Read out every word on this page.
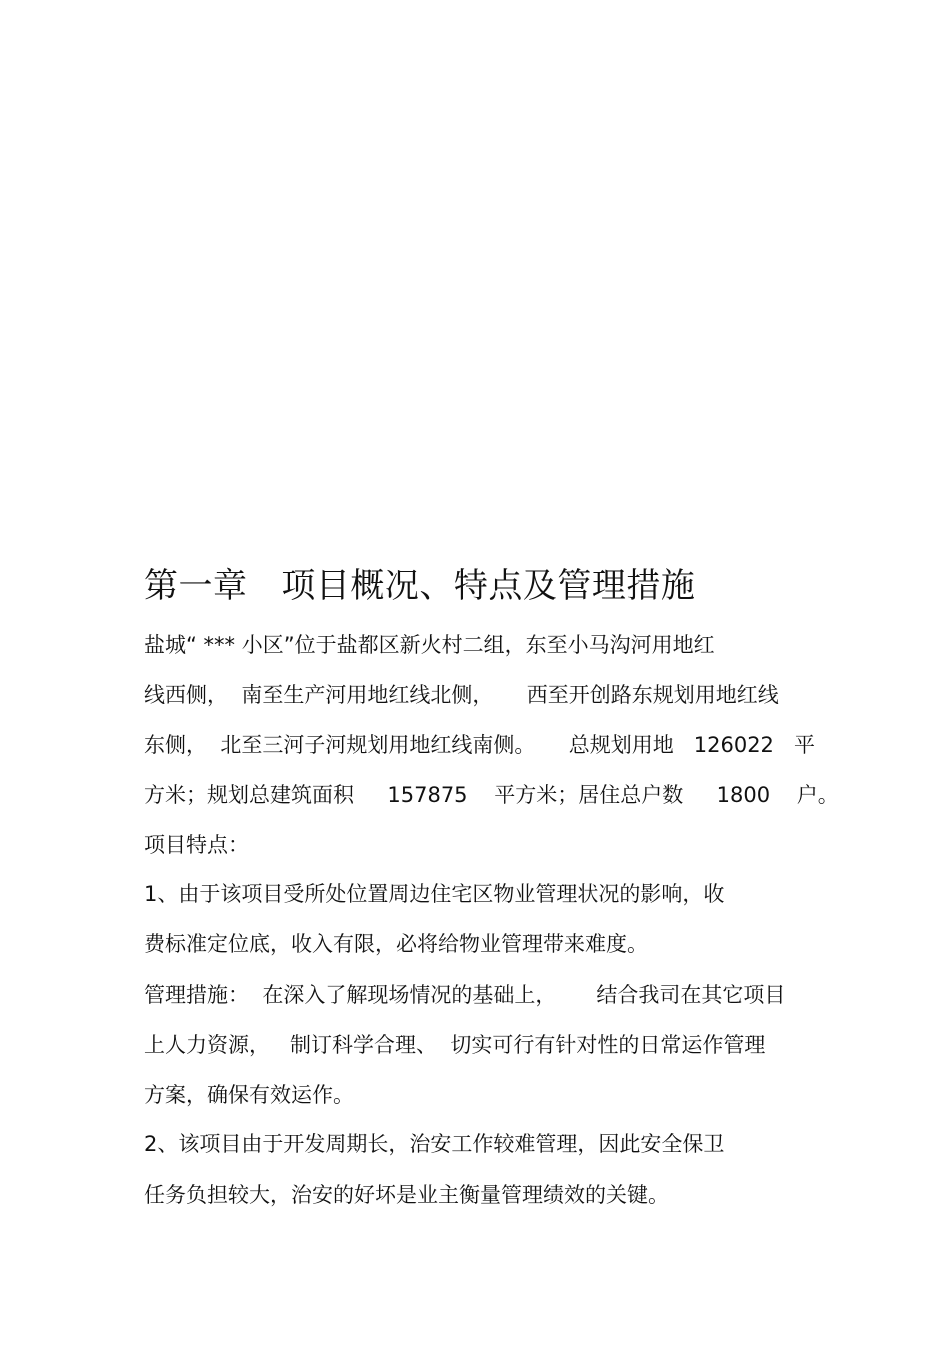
第一章   项目概况、特点及管理措施
盐城“ *** 小区”位于盐都区新火村二组，东至小马沟河用地红
线西侧，  南至生产河用地红线北侧，     西至开创路东规划用地红线
东侧，  北至三河子河规划用地红线南侧。     总规划用地   126022   平
方米；规划总建筑面积     157875    平方米；居住总户数     1800    户。
项目特点：
1、由于该项目受所处位置周边住宅区物业管理状况的影响，收
费标准定位底，收入有限，必将给物业管理带来难度。
管理措施：  在深入了解现场情况的基础上，      结合我司在其它项目
上人力资源，   制订科学合理、  切实可行有针对性的日常运作管理
方案，确保有效运作。
2、该项目由于开发周期长，治安工作较难管理，因此安全保卫
任务负担较大，治安的好坏是业主衡量管理绩效的关键。
